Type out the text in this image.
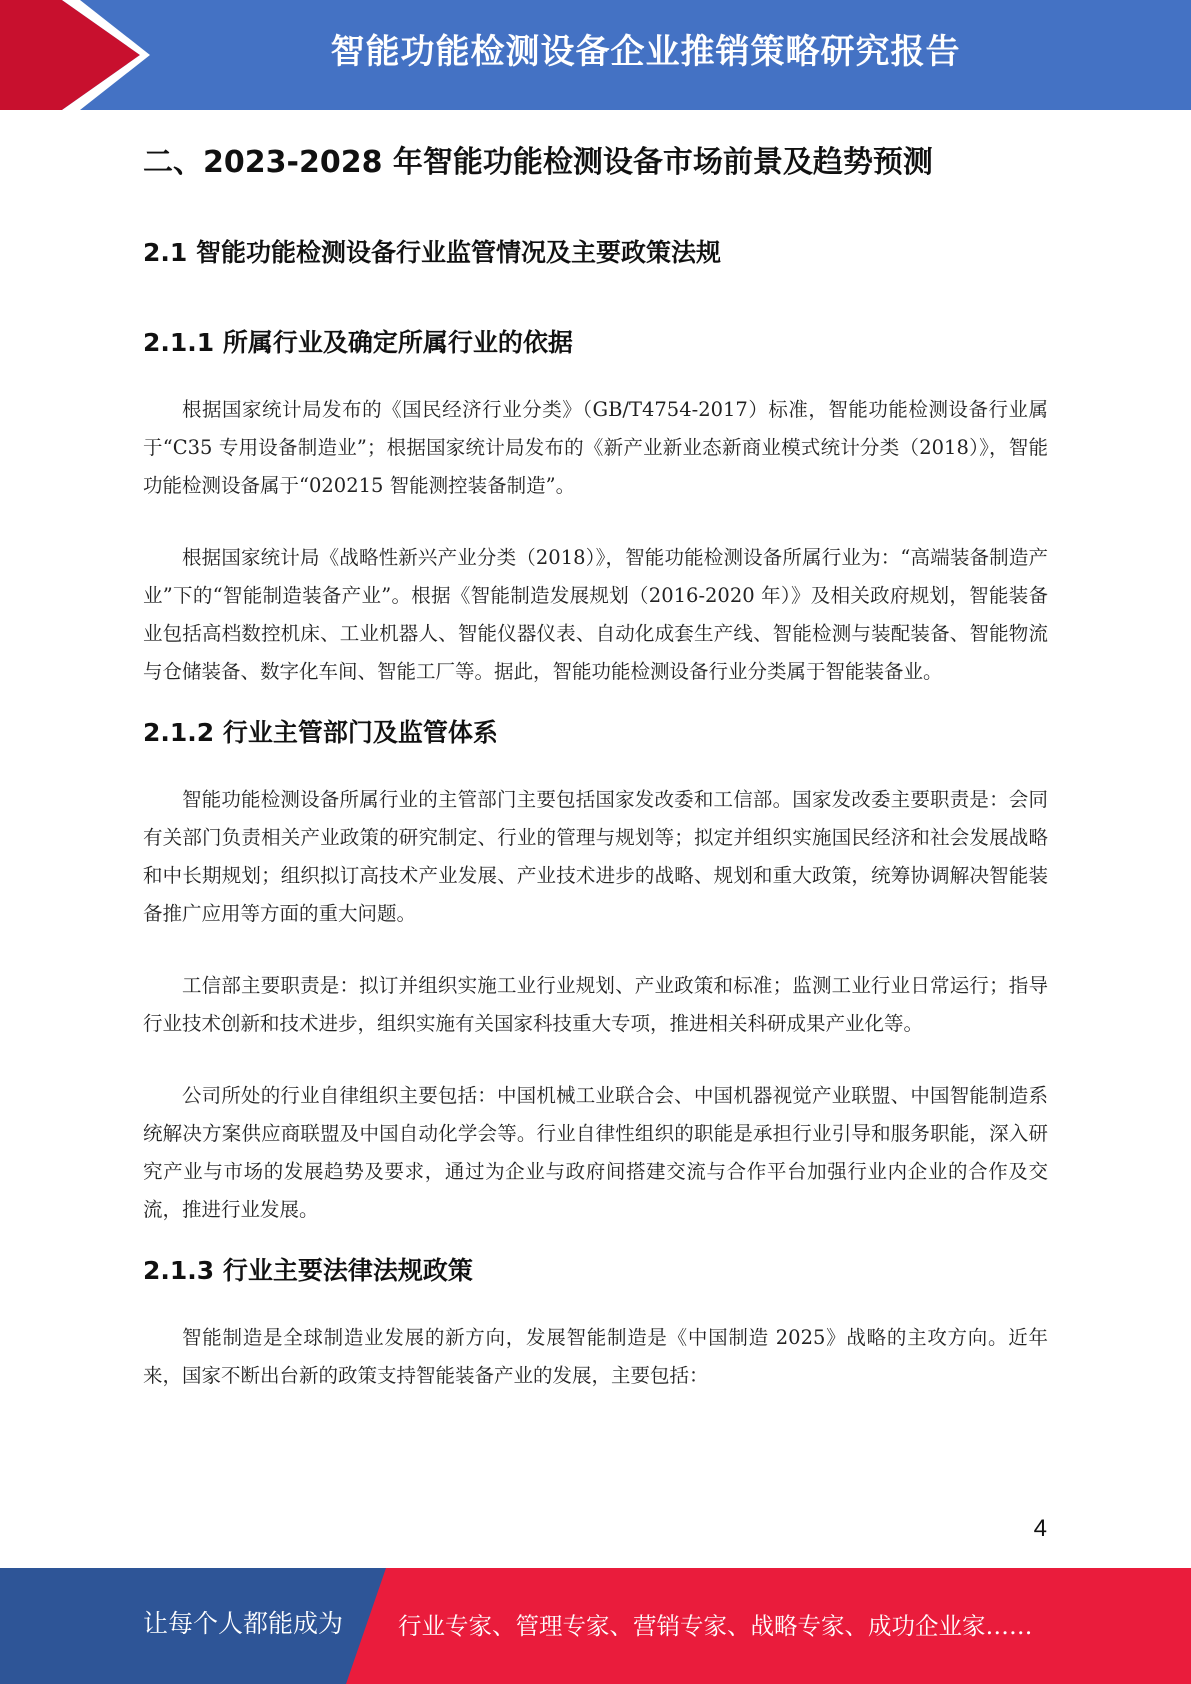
智能功能检测设备企业推销策略研究报告
二、2023-2028 年智能功能检测设备市场前景及趋势预测
2.1 智能功能检测设备行业监管情况及主要政策法规
2.1.1 所属行业及确定所属行业的依据

根据国家统计局发布的《国民经济行业分类》（GB/T4754-2017）标准，智能功能检测设备行业属于“C35 专用设备制造业”；根据国家统计局发布的《新产业新业态新商业模式统计分类（2018）》，智能功能检测设备属于“020215 智能测控装备制造”。

根据国家统计局《战略性新兴产业分类（2018）》，智能功能检测设备所属行业为：“高端装备制造产业”下的“智能制造装备产业”。根据《智能制造发展规划（2016-2020 年）》及相关政府规划，智能装备业包括高档数控机床、工业机器人、智能仪器仪表、自动化成套生产线、智能检测与装配装备、智能物流与仓储装备、数字化车间、智能工厂等。据此，智能功能检测设备行业分类属于智能装备业。

2.1.2 行业主管部门及监管体系

智能功能检测设备所属行业的主管部门主要包括国家发改委和工信部。国家发改委主要职责是：会同有关部门负责相关产业政策的研究制定、行业的管理与规划等；拟定并组织实施国民经济和社会发展战略和中长期规划；组织拟订高技术产业发展、产业技术进步的战略、规划和重大政策，统筹协调解决智能装备推广应用等方面的重大问题。

工信部主要职责是：拟订并组织实施工业行业规划、产业政策和标准；监测工业行业日常运行；指导行业技术创新和技术进步，组织实施有关国家科技重大专项，推进相关科研成果产业化等。

公司所处的行业自律组织主要包括：中国机械工业联合会、中国机器视觉产业联盟、中国智能制造系统解决方案供应商联盟及中国自动化学会等。行业自律性组织的职能是承担行业引导和服务职能，深入研究产业与市场的发展趋势及要求，通过为企业与政府间搭建交流与合作平台加强行业内企业的合作及交流，推进行业发展。

2.1.3 行业主要法律法规政策

智能制造是全球制造业发展的新方向，发展智能制造是《中国制造 2025》战略的主攻方向。近年来，国家不断出台新的政策支持智能装备产业的发展，主要包括：

4
让每个人都能成为 行业专家、管理专家、营销专家、战略专家、成功企业家……
